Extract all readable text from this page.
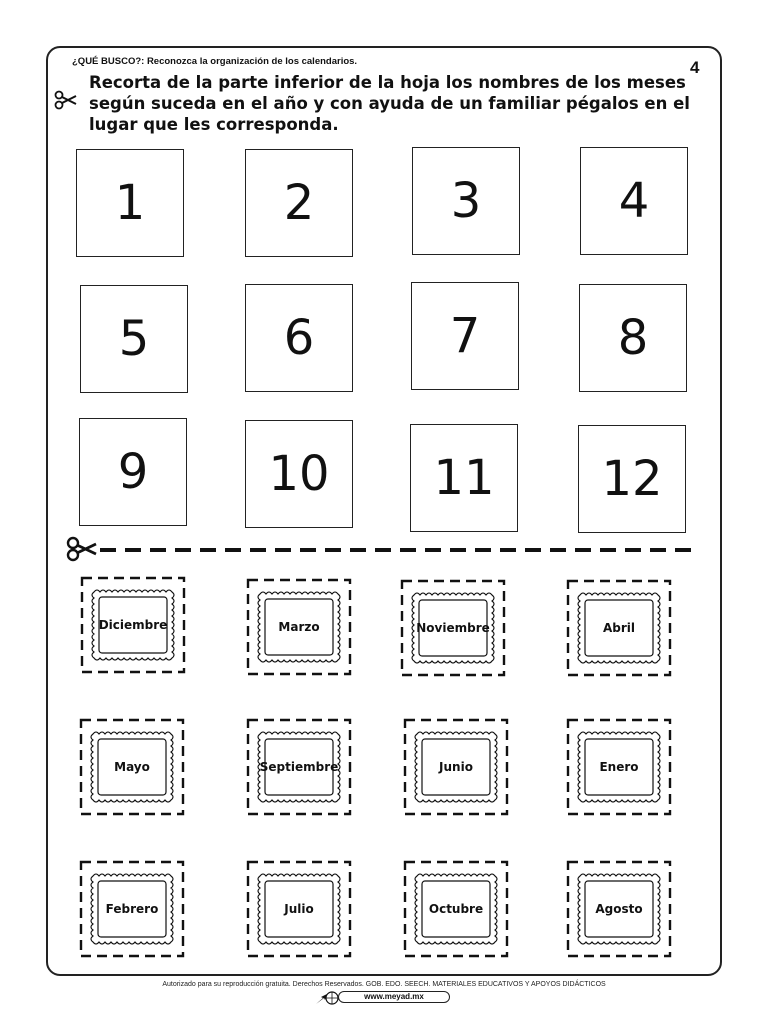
4
¿QUÉ BUSCO?: Reconozca la organización de los calendarios.
Recorta de la parte inferior de la hoja los nombres de los meses según suceda en el año y con ayuda de un familiar pégalos en el lugar que les corresponda.
1	2	3	4
5	6	7	8
9	10	11	12
Diciembre	Marzo	Noviembre	Abril
Mayo	Septiembre	Junio	Enero
Febrero	Julio	Octubre	Agosto
Autorizado para su reproducción gratuita. Derechos Reservados. GOB. EDO. SEECH. MATERIALES EDUCATIVOS Y APOYOS DIDÁCTICOS
www.meyad.mx
